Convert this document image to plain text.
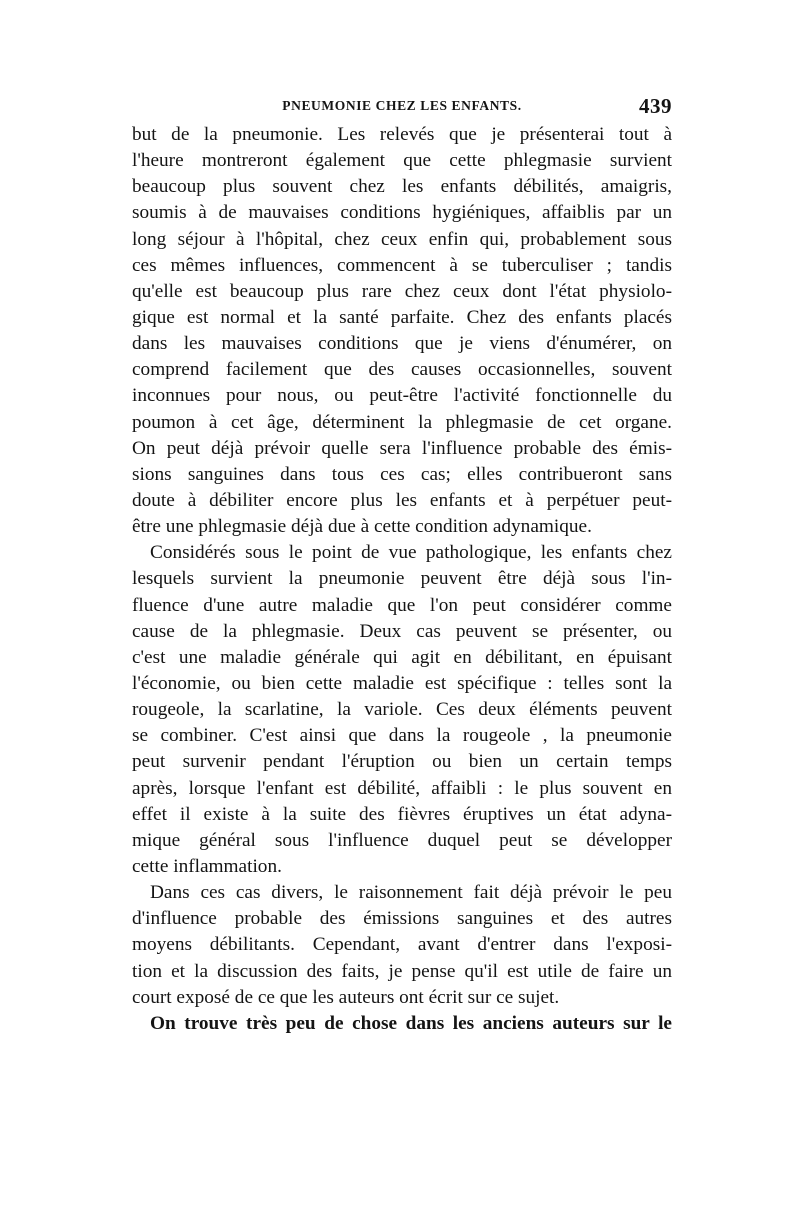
PNEUMONIE CHEZ LES ENFANTS.	439
but de la pneumonie. Les relevés que je présenterai tout à
l'heure montreront également que cette phlegmasie survient
beaucoup plus souvent chez les enfants débilités, amaigris,
soumis à de mauvaises conditions hygiéniques, affaiblis par un
long séjour à l'hôpital, chez ceux enfin qui, probablement sous
ces mêmes influences, commencent à se tuberculiser ; tandis
qu'elle est beaucoup plus rare chez ceux dont l'état physiolo-
gique est normal et la santé parfaite. Chez des enfants placés
dans les mauvaises conditions que je viens d'énumérer, on
comprend facilement que des causes occasionnelles, souvent
inconnues pour nous, ou peut-être l'activité fonctionnelle du
poumon à cet âge, déterminent la phlegmasie de cet organe.
On peut déjà prévoir quelle sera l'influence probable des émis-
sions sanguines dans tous ces cas; elles contribueront sans
doute à débiliter encore plus les enfants et à perpétuer peut-
être une phlegmasie déjà due à cette condition adynamique.
Considérés sous le point de vue pathologique, les enfants chez
lesquels survient la pneumonie peuvent être déjà sous l'in-
fluence d'une autre maladie que l'on peut considérer comme
cause de la phlegmasie. Deux cas peuvent se présenter, ou
c'est une maladie générale qui agit en débilitant, en épuisant
l'économie, ou bien cette maladie est spécifique : telles sont la
rougeole, la scarlatine, la variole. Ces deux éléments peuvent
se combiner. C'est ainsi que dans la rougeole , la pneumonie
peut survenir pendant l'éruption ou bien un certain temps
après, lorsque l'enfant est débilité, affaibli : le plus souvent en
effet il existe à la suite des fièvres éruptives un état adyna-
mique général sous l'influence duquel peut se développer
cette inflammation.
Dans ces cas divers, le raisonnement fait déjà prévoir le peu
d'influence probable des émissions sanguines et des autres
moyens débilitants. Cependant, avant d'entrer dans l'exposi-
tion et la discussion des faits, je pense qu'il est utile de faire un
court exposé de ce que les auteurs ont écrit sur ce sujet.
On trouve très peu de chose dans les anciens auteurs sur le
